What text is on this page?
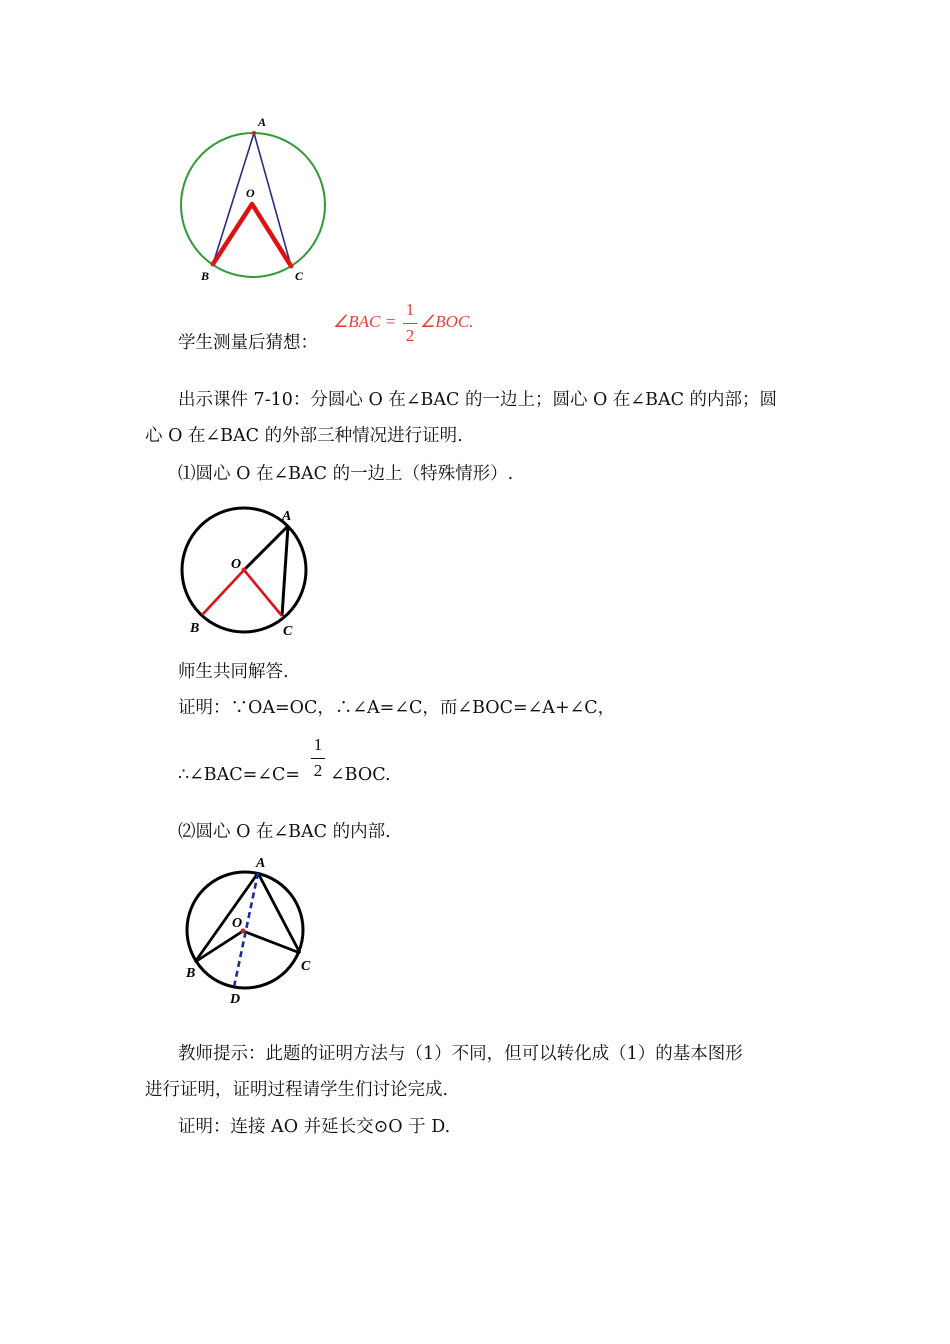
A
O
B	C
学生测量后猜想：
∠BAC =
1
2
∠BOC.
出示课件 7-10：分圆心 O 在∠BAC 的一边上；圆心 O 在∠BAC 的内部；圆
心 O 在∠BAC 的外部三种情况进行证明.
⑴圆心 O 在∠BAC 的一边上（特殊情形）.
A
O
B	C
师生共同解答.
证明：∵OA=OC，∴∠A=∠C，而∠BOC=∠A+∠C，
∴∠BAC=∠C=
1
2 ∠BOC.
⑵圆心 O 在∠BAC 的内部.
A
O
B	C
D
教师提示：此题的证明方法与（1）不同，但可以转化成（1）的基本图形
进行证明，证明过程请学生们讨论完成.
证明：连接 AO 并延长交⊙O 于 D.
